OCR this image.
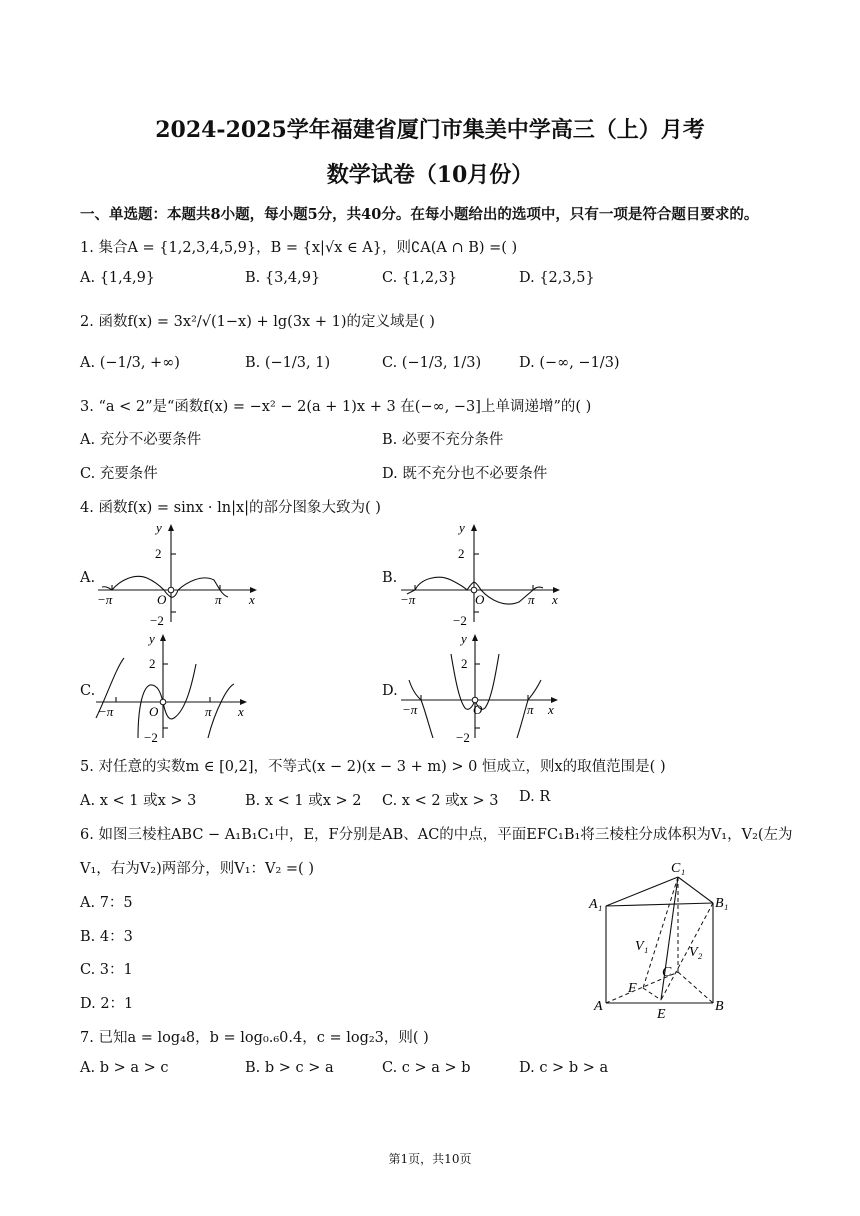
2024-2025学年福建省厦门市集美中学高三（上）月考
数学试卷（10月份）
一、单选题：本题共8小题，每小题5分，共40分。在每小题给出的选项中，只有一项是符合题目要求的。
1. 集合A = {1,2,3,4,5,9}，B = {x|√x ∈ A}，则∁A(A ∩ B) =( )
A. {1,4,9}	B. {3,4,9}	C. {1,2,3}	D. {2,3,5}
2. 函数f(x) = 3x²/√(1−x) + lg(3x + 1)的定义域是( )
A. (−1/3, +∞)	B. (−1/3, 1)	C. (−1/3, 1/3)	D. (−∞, −1/3)
3. “a < 2”是“函数f(x) = −x² − 2(a + 1)x + 3 在(−∞, −3]上单调递增”的( )
A. 充分不必要条件	B. 必要不充分条件
C. 充要条件	D. 既不充分也不必要条件
4. 函数f(x) = sinx · ln|x|的部分图象大致为( )
A.	B.
C.	D.
y
2
−2
−π	π
O	x
y
2
−2
−π	π
O	x
y
2
−2
−π	π
O	x
y
2
−2
−π	π
O	x
5. 对任意的实数m ∈ [0,2]，不等式(x − 2)(x − 3 + m) > 0 恒成立，则x的取值范围是( )
A. x < 1 或x > 3	B. x < 1 或x > 2 C. x < 2 或x > 3 D. R
6. 如图三棱柱ABC − A₁B₁C₁中，E，F分别是AB、AC的中点，平面EFC₁B₁将三棱柱分成体积为V₁，V₂(左为
V₁，右为V₂)两部分，则V₁：V₂ =( )
A. 7：5
B. 4：3
C. 3：1
D. 2：1
C₁
A₁	B₁
V₁	V₂
C
F
A
E
B
7. 已知a = log₄8，b = log₀.₆0.4，c = log₂3，则( )
A. b > a > c	B. b > c > a	C. c > a > b	D. c > b > a
第1页，共10页
